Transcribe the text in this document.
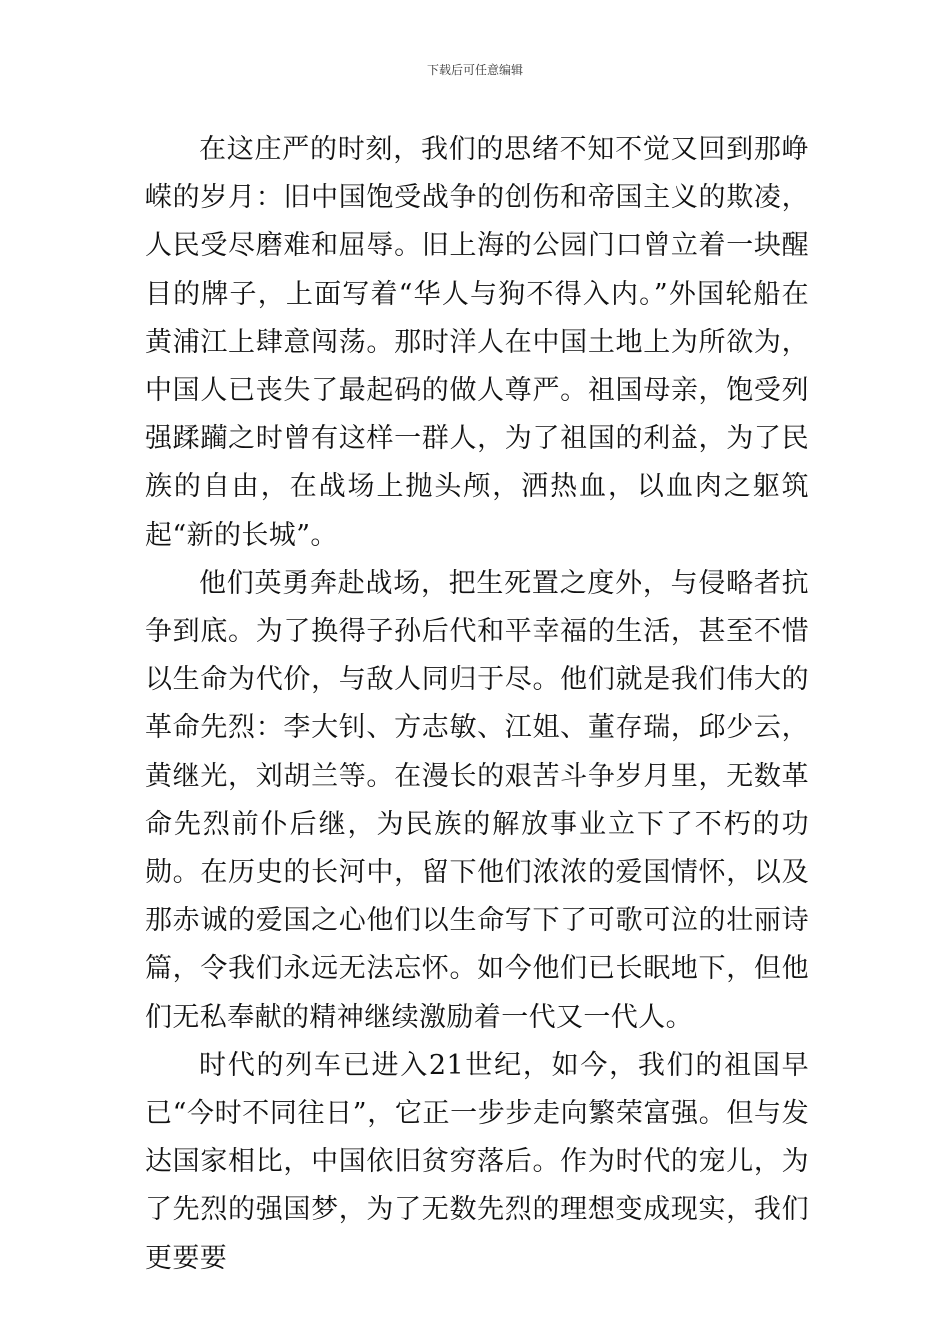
下载后可任意编辑

在这庄严的时刻，我们的思绪不知不觉又回到那峥嵘的岁月：旧中国饱受战争的创伤和帝国主义的欺凌，人民受尽磨难和屈辱。旧上海的公园门口曾立着一块醒目的牌子，上面写着“华人与狗不得入内。”外国轮船在黄浦江上肆意闯荡。那时洋人在中国土地上为所欲为，中国人已丧失了最起码的做人尊严。祖国母亲，饱受列强蹂躏之时曾有这样一群人，为了祖国的利益，为了民族的自由，在战场上抛头颅，洒热血，以血肉之躯筑起“新的长城”。

他们英勇奔赴战场，把生死置之度外，与侵略者抗争到底。为了换得子孙后代和平幸福的生活，甚至不惜以生命为代价，与敌人同归于尽。他们就是我们伟大的革命先烈：李大钊、方志敏、江姐、董存瑞，邱少云，黄继光，刘胡兰等。在漫长的艰苦斗争岁月里，无数革命先烈前仆后继，为民族的解放事业立下了不朽的功勋。在历史的长河中，留下他们浓浓的爱国情怀，以及那赤诚的爱国之心他们以生命写下了可歌可泣的壮丽诗篇，令我们永远无法忘怀。如今他们已长眠地下，但他们无私奉献的精神继续激励着一代又一代人。

时代的列车已进入21世纪，如今，我们的祖国早已“今时不同往日”，它正一步步走向繁荣富强。但与发达国家相比，中国依旧贫穷落后。作为时代的宠儿，为了先烈的强国梦，为了无数先烈的理想变成现实，我们更要要
